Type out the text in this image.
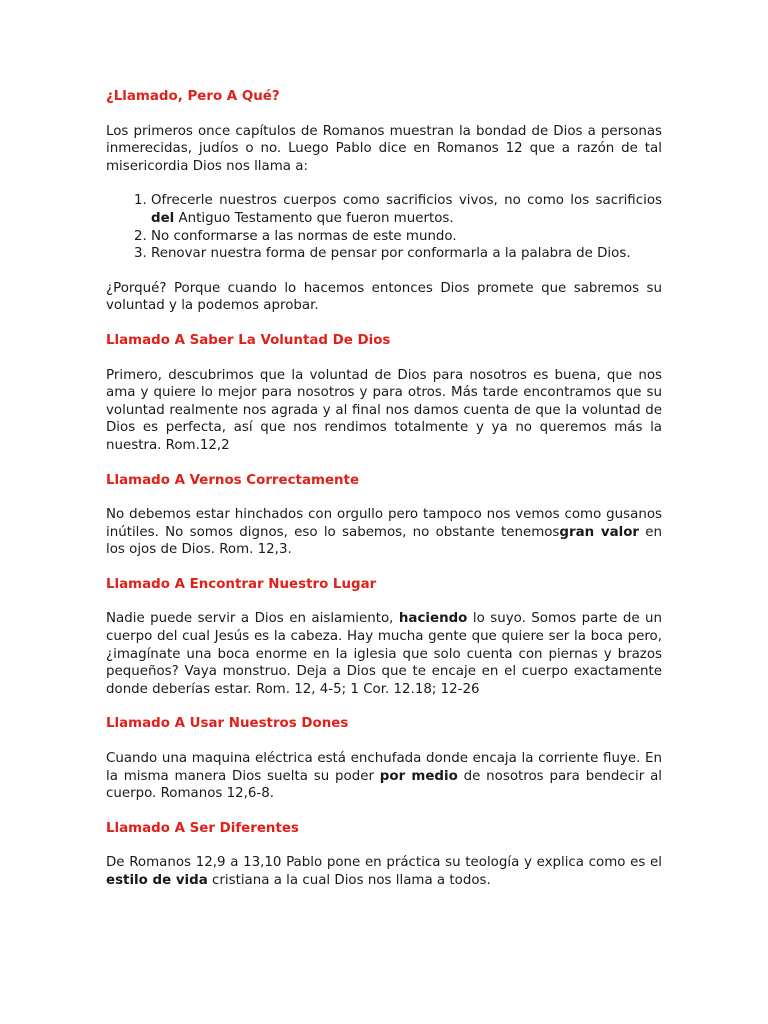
¿Llamado, Pero A Qué?

Los primeros once capítulos de Romanos muestran la bondad de Dios a personas inmerecidas, judíos o no. Luego Pablo dice en Romanos 12 que a razón de tal misericordia Dios nos llama a:

1. Ofrecerle nuestros cuerpos como sacrificios vivos, no como los sacrificios del Antiguo Testamento que fueron muertos.
2. No conformarse a las normas de este mundo.
3. Renovar nuestra forma de pensar por conformarla a la palabra de Dios.

¿Porqué? Porque cuando lo hacemos entonces Dios promete que sabremos su voluntad y la podemos aprobar.

Llamado A Saber La Voluntad De Dios

Primero, descubrimos que la voluntad de Dios para nosotros es buena, que nos ama y quiere lo mejor para nosotros y para otros. Más tarde encontramos que su voluntad realmente nos agrada y al final nos damos cuenta de que la voluntad de Dios es perfecta, así que nos rendimos totalmente y ya no queremos más la nuestra. Rom.12,2

Llamado A Vernos Correctamente

No debemos estar hinchados con orgullo pero tampoco nos vemos como gusanos inútiles. No somos dignos, eso lo sabemos, no obstante tenemosgran valor en los ojos de Dios. Rom. 12,3.

Llamado A Encontrar Nuestro Lugar

Nadie puede servir a Dios en aislamiento, haciendo lo suyo. Somos parte de un cuerpo del cual Jesús es la cabeza. Hay mucha gente que quiere ser la boca pero, ¿imagínate una boca enorme en la iglesia que solo cuenta con piernas y brazos pequeños? Vaya monstruo. Deja a Dios que te encaje en el cuerpo exactamente donde deberías estar. Rom. 12, 4-5; 1 Cor. 12.18; 12-26

Llamado A Usar Nuestros Dones

Cuando una maquina eléctrica está enchufada donde encaja la corriente fluye. En la misma manera Dios suelta su poder por medio de nosotros para bendecir al cuerpo. Romanos 12,6-8.

Llamado A Ser Diferentes

De Romanos 12,9 a 13,10 Pablo pone en práctica su teología y explica como es el estilo de vida cristiana a la cual Dios nos llama a todos.
